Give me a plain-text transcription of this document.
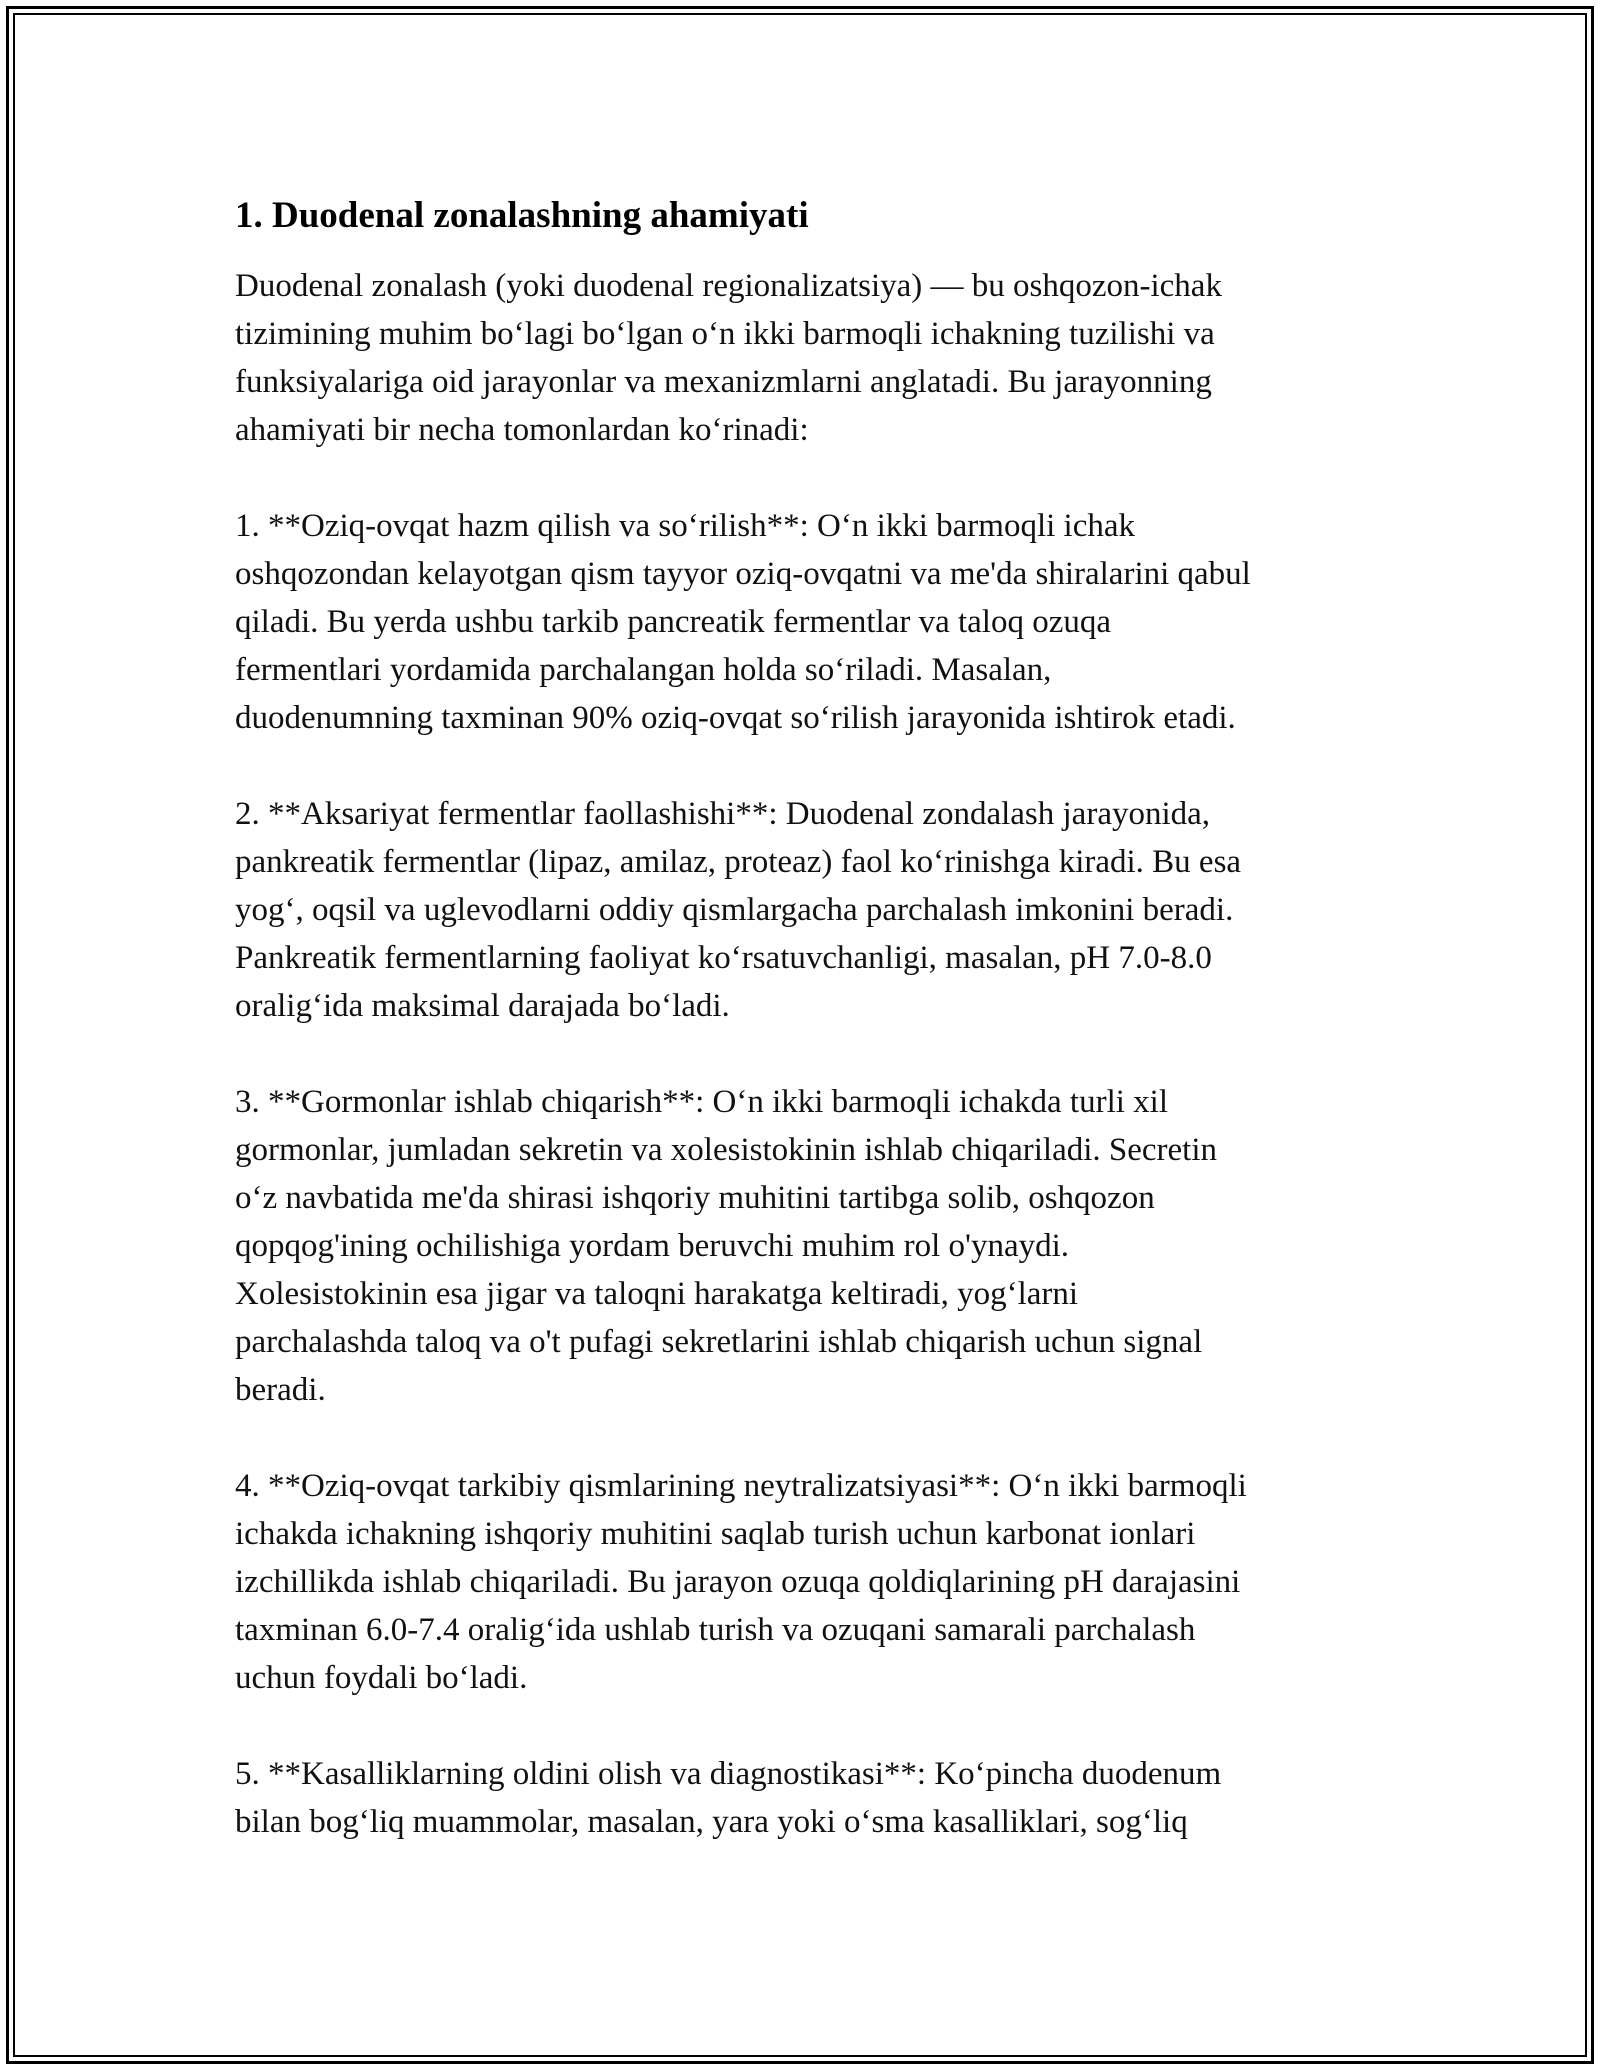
1. Duodenal zonalashning ahamiyati

Duodenal zonalash (yoki duodenal regionalizatsiya) — bu oshqozon-ichak
tizimining muhim bo‘lagi bo‘lgan o‘n ikki barmoqli ichakning tuzilishi va
funksiyalariga oid jarayonlar va mexanizmlarni anglatadi. Bu jarayonning
ahamiyati bir necha tomonlardan ko‘rinadi:

1. **Oziq-ovqat hazm qilish va so‘rilish**: O‘n ikki barmoqli ichak
oshqozondan kelayotgan qism tayyor oziq-ovqatni va me'da shiralarini qabul
qiladi. Bu yerda ushbu tarkib pancreatik fermentlar va taloq ozuqa
fermentlari yordamida parchalangan holda so‘riladi. Masalan,
duodenumning taxminan 90% oziq-ovqat so‘rilish jarayonida ishtirok etadi.

2. **Aksariyat fermentlar faollashishi**: Duodenal zondalash jarayonida,
pankreatik fermentlar (lipaz, amilaz, proteaz) faol ko‘rinishga kiradi. Bu esa
yog‘, oqsil va uglevodlarni oddiy qismlargacha parchalash imkonini beradi.
Pankreatik fermentlarning faoliyat ko‘rsatuvchanligi, masalan, pH 7.0-8.0
oralig‘ida maksimal darajada bo‘ladi.

3. **Gormonlar ishlab chiqarish**: O‘n ikki barmoqli ichakda turli xil
gormonlar, jumladan sekretin va xolesistokinin ishlab chiqariladi. Secretin
o‘z navbatida me'da shirasi ishqoriy muhitini tartibga solib, oshqozon
qopqog'ining ochilishiga yordam beruvchi muhim rol o'ynaydi.
Xolesistokinin esa jigar va taloqni harakatga keltiradi, yog‘larni
parchalashda taloq va o't pufagi sekretlarini ishlab chiqarish uchun signal
beradi.

4. **Oziq-ovqat tarkibiy qismlarining neytralizatsiyasi**: O‘n ikki barmoqli
ichakda ichakning ishqoriy muhitini saqlab turish uchun karbonat ionlari
izchillikda ishlab chiqariladi. Bu jarayon ozuqa qoldiqlarining pH darajasini
taxminan 6.0-7.4 oralig‘ida ushlab turish va ozuqani samarali parchalash
uchun foydali bo‘ladi.

5. **Kasalliklarning oldini olish va diagnostikasi**: Ko‘pincha duodenum
bilan bog‘liq muammolar, masalan, yara yoki o‘sma kasalliklari, sog‘liq
